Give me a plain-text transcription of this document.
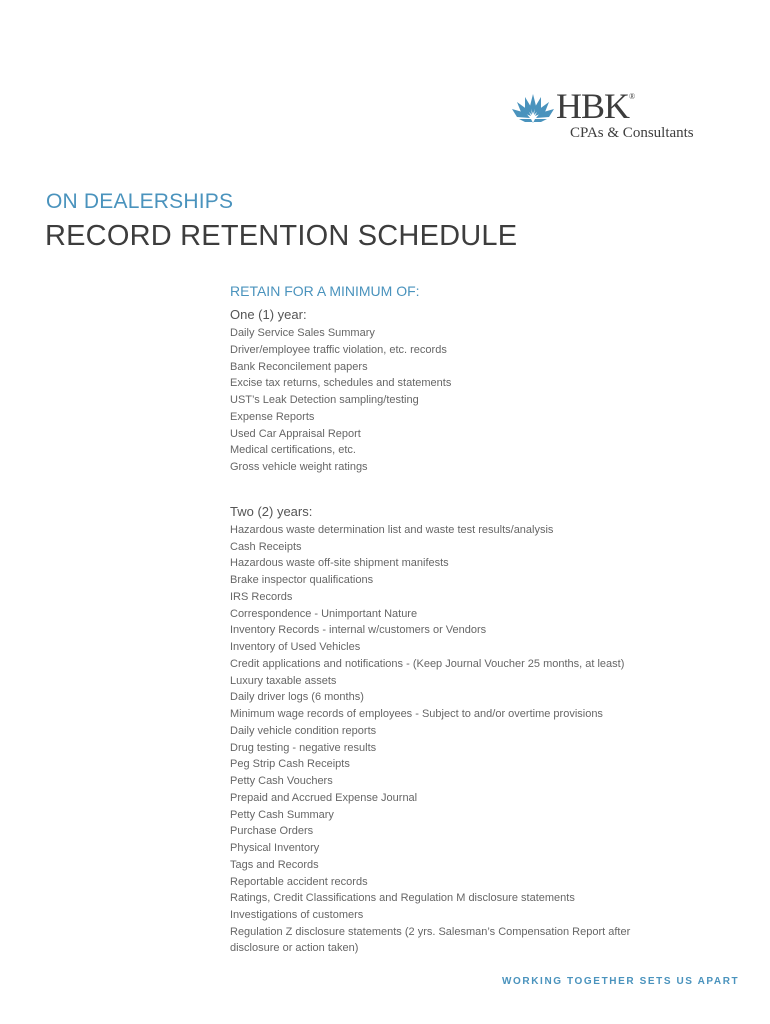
HBK ®
CPAs & Consultants
ON DEALERSHIPS
RECORD RETENTION SCHEDULE
RETAIN FOR A MINIMUM OF:
One (1) year:
Daily Service Sales Summary
Driver/employee traffic violation, etc. records
Bank Reconcilement papers
Excise tax returns, schedules and statements
UST’s Leak Detection sampling/testing
Expense Reports
Used Car Appraisal Report
Medical certifications, etc.
Gross vehicle weight ratings
Two (2) years:
Hazardous waste determination list and waste test results/analysis
Cash Receipts
Hazardous waste off-site shipment manifests
Brake inspector qualifications
IRS Records
Correspondence - Unimportant Nature
Inventory Records - internal w/customers or Vendors
Inventory of Used Vehicles
Credit applications and notifications - (Keep Journal Voucher 25 months, at least)
Luxury taxable assets
Daily driver logs (6 months)
Minimum wage records of employees - Subject to and/or overtime provisions
Daily vehicle condition reports
Drug testing - negative results
Peg Strip Cash Receipts
Petty Cash Vouchers
Prepaid and Accrued Expense Journal
Petty Cash Summary
Purchase Orders
Physical Inventory
Tags and Records
Reportable accident records
Ratings, Credit Classifications and Regulation M disclosure statements
Investigations of customers
Regulation Z disclosure statements (2 yrs. Salesman’s Compensation Report after disclosure or action taken)
WORKING TOGETHER SETS US APART
